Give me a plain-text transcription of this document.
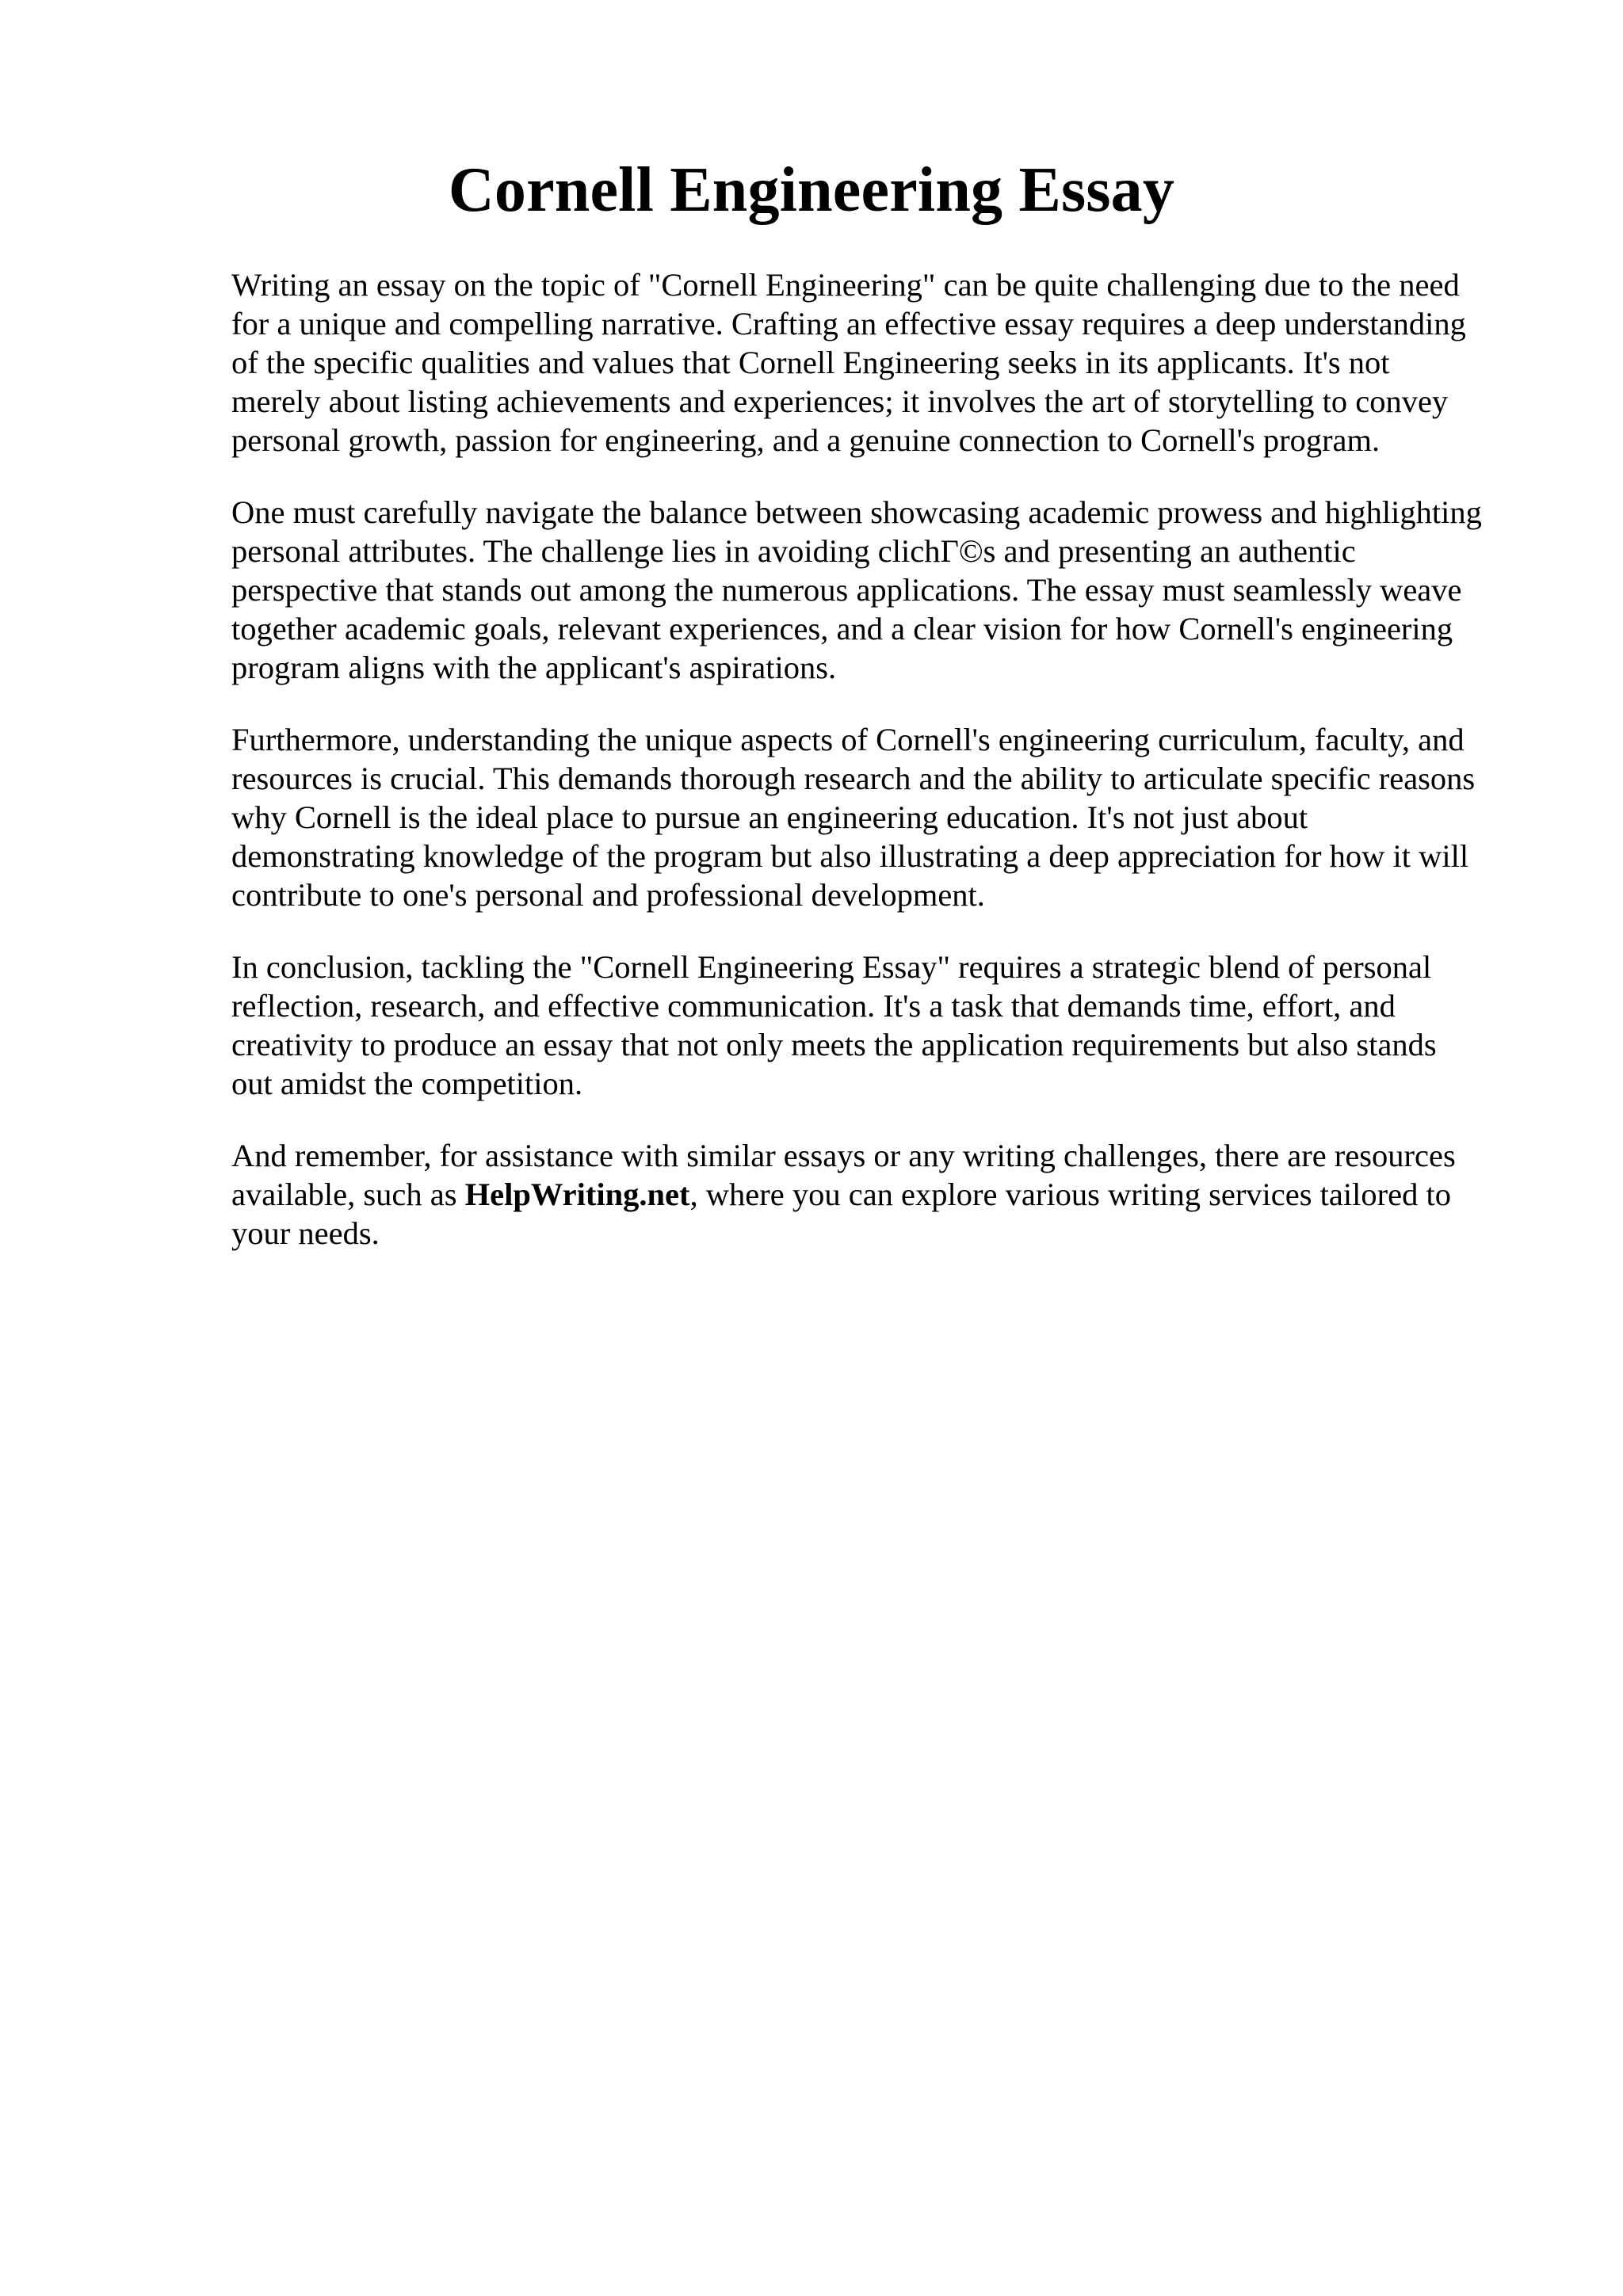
Cornell Engineering Essay

Writing an essay on the topic of "Cornell Engineering" can be quite challenging due to the need
for a unique and compelling narrative. Crafting an effective essay requires a deep understanding
of the specific qualities and values that Cornell Engineering seeks in its applicants. It's not
merely about listing achievements and experiences; it involves the art of storytelling to convey
personal growth, passion for engineering, and a genuine connection to Cornell's program.

One must carefully navigate the balance between showcasing academic prowess and highlighting
personal attributes. The challenge lies in avoiding clichΓ©s and presenting an authentic
perspective that stands out among the numerous applications. The essay must seamlessly weave
together academic goals, relevant experiences, and a clear vision for how Cornell's engineering
program aligns with the applicant's aspirations.

Furthermore, understanding the unique aspects of Cornell's engineering curriculum, faculty, and
resources is crucial. This demands thorough research and the ability to articulate specific reasons
why Cornell is the ideal place to pursue an engineering education. It's not just about
demonstrating knowledge of the program but also illustrating a deep appreciation for how it will
contribute to one's personal and professional development.

In conclusion, tackling the "Cornell Engineering Essay" requires a strategic blend of personal
reflection, research, and effective communication. It's a task that demands time, effort, and
creativity to produce an essay that not only meets the application requirements but also stands
out amidst the competition.

And remember, for assistance with similar essays or any writing challenges, there are resources
available, such as HelpWriting.net, where you can explore various writing services tailored to
your needs.
